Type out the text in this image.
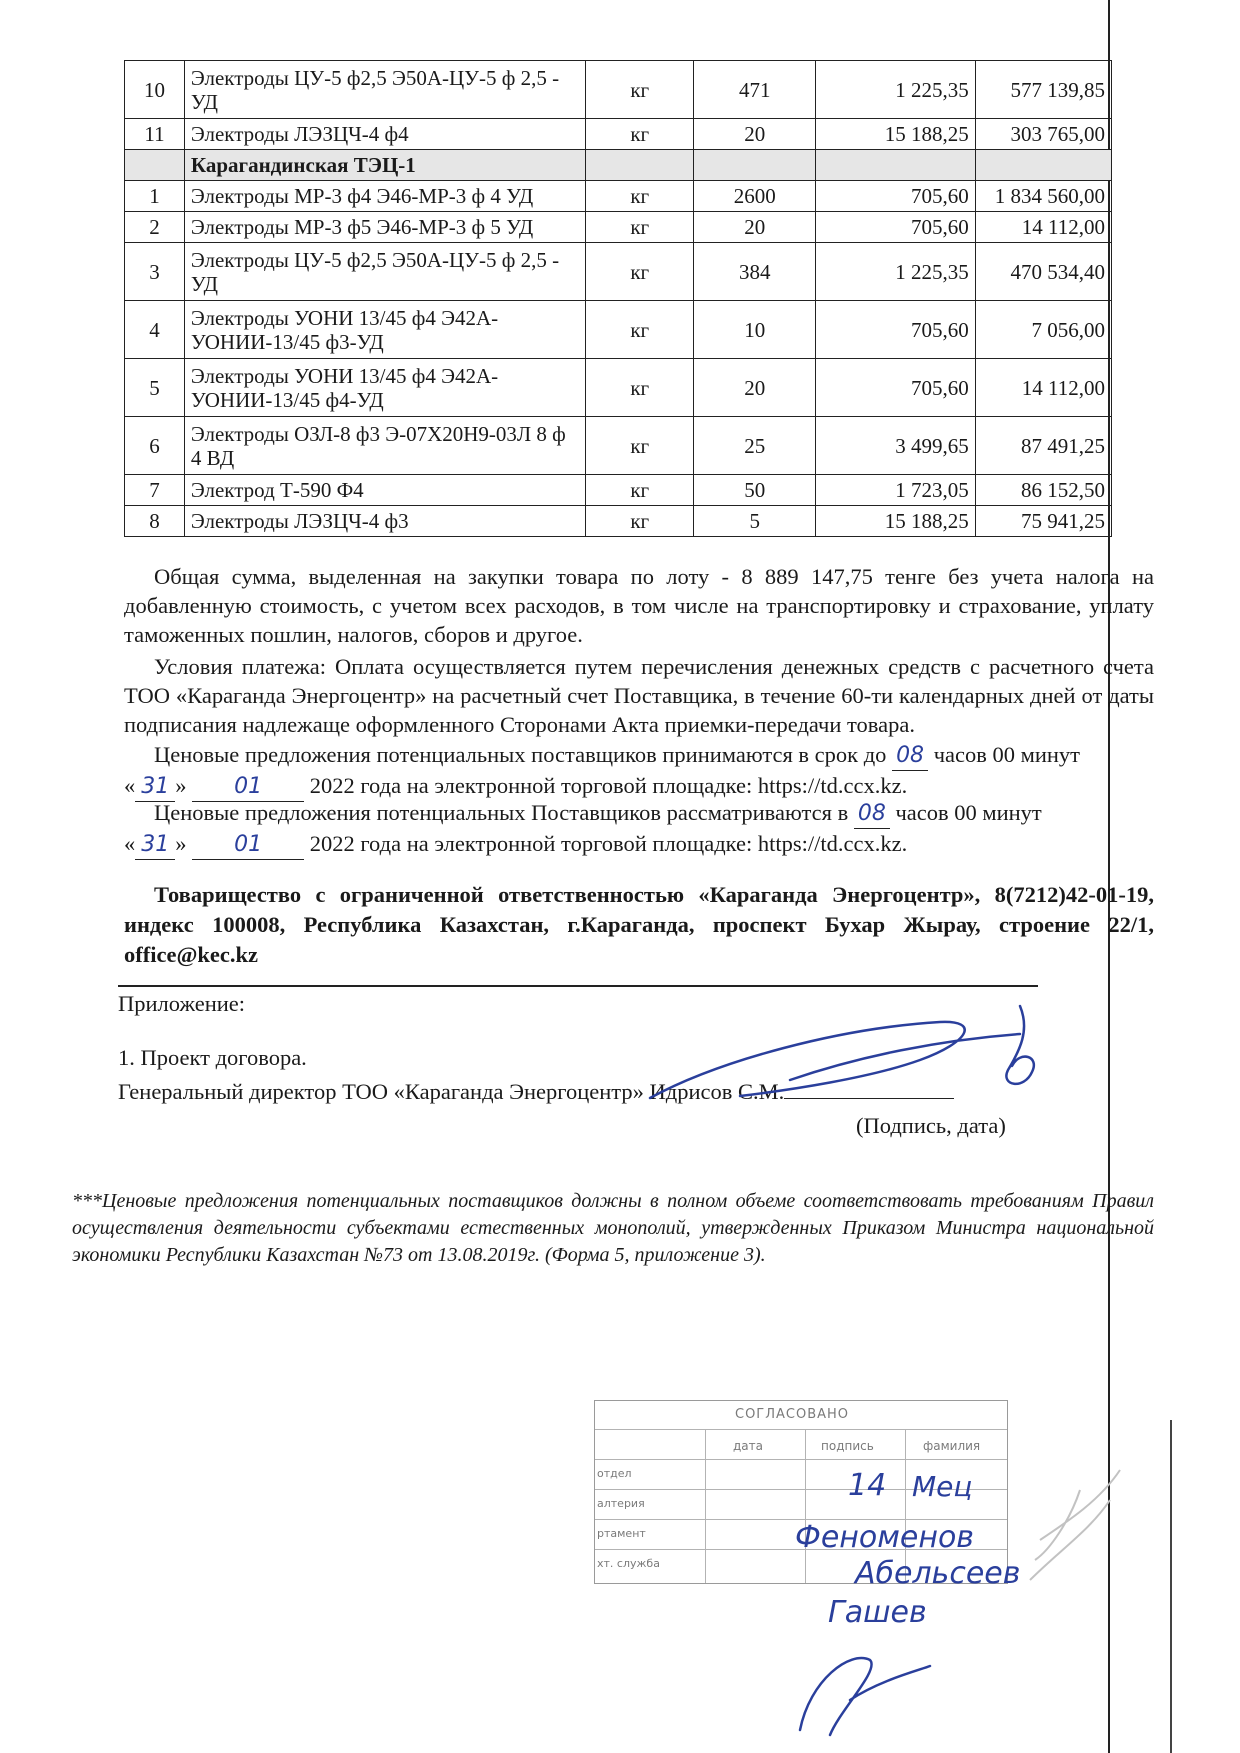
10	Электроды ЦУ-5 ф2,5 Э50А-ЦУ-5 ф 2,5 - УД	кг	471	1 225,35	577 139,85
11	Электроды ЛЭЗЦЧ-4 ф4	кг	20	15 188,25	303 765,00
	Карагандинская ТЭЦ-1				
1	Электроды МР-3 ф4 Э46-МР-3 ф 4 УД	кг	2600	705,60	1 834 560,00
2	Электроды МР-3 ф5 Э46-МР-3 ф 5 УД	кг	20	705,60	14 112,00
3	Электроды ЦУ-5 ф2,5 Э50А-ЦУ-5 ф 2,5 - УД	кг	384	1 225,35	470 534,40
4	Электроды УОНИ 13/45 ф4 Э42А-УОНИИ-13/45 ф3-УД	кг	10	705,60	7 056,00
5	Электроды УОНИ 13/45 ф4 Э42А-УОНИИ-13/45 ф4-УД	кг	20	705,60	14 112,00
6	Электроды ОЗЛ-8 ф3 Э-07Х20Н9-03Л 8 ф 4 ВД	кг	25	3 499,65	87 491,25
7	Электрод Т-590 Ф4	кг	50	1 723,05	86 152,50
8	Электроды ЛЭЗЦЧ-4 ф3	кг	5	15 188,25	75 941,25
Общая сумма, выделенная на закупки товара по лоту - 8 889 147,75 тенге без учета налога на добавленную стоимость, с учетом всех расходов, в том числе на транспортировку и страхование, уплату таможенных пошлин, налогов, сборов и другое.
Условия платежа: Оплата осуществляется путем перечисления денежных средств с расчетного счета ТОО «Караганда Энергоцентр» на расчетный счет Поставщика, в течение 60-ти календарных дней от даты подписания надлежаще оформленного Сторонами Акта приемки-передачи товара.
Ценовые предложения потенциальных поставщиков принимаются в срок до 08 часов 00 минут
« 31 » 01 2022 года на электронной торговой площадке: https://td.ccx.kz.
Ценовые предложения потенциальных Поставщиков рассматриваются в 08 часов 00 минут
« 31 » 01 2022 года на электронной торговой площадке: https://td.ccx.kz.
Товарищество с ограниченной ответственностью «Караганда Энергоцентр», 8(7212)42-01-19, индекс 100008, Республика Казахстан, г.Караганда, проспект Бухар Жырау, строение 22/1, office@kec.kz
Приложение:
1. Проект договора.
Генеральный директор ТОО «Караганда Энергоцентр» Идрисов С.М.
(Подпись, дата)
***Ценовые предложения потенциальных поставщиков должны в полном объеме соответствовать требованиям Правил осуществления деятельности субъектами естественных монополий, утвержденных Приказом Министра национальной экономики Республики Казахстан №73 от 13.08.2019г. (Форма 5, приложение 3).
СОГЛАСОВАНО
дата	подпись	фамилия
отдел
алтерия
ртамент
хт. служба
14 Мец
Феноменов
Абельсеев
Гашев
